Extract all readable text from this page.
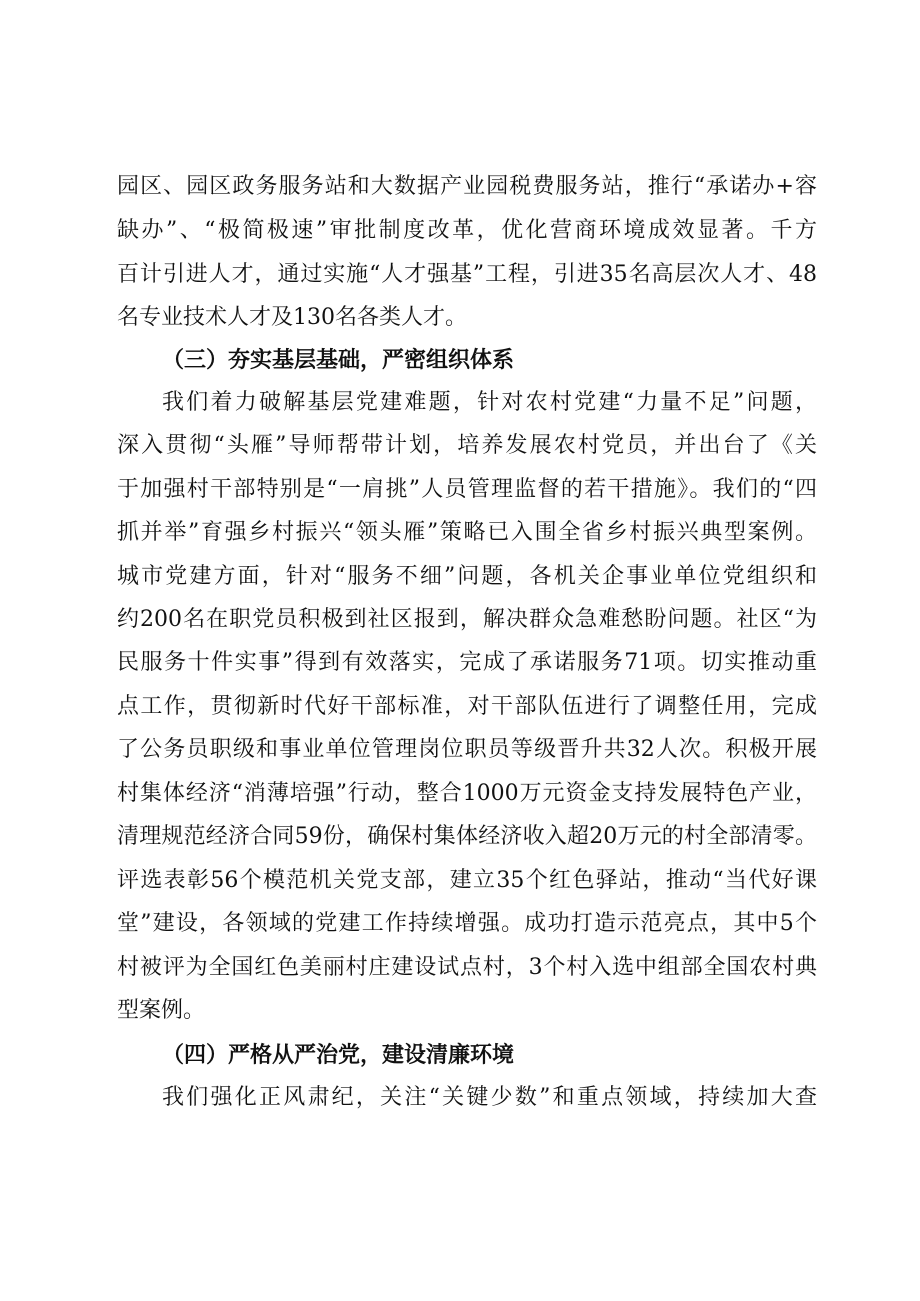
园区、园区政务服务站和大数据产业园税费服务站，推行“承诺办+容
缺办”、“极简极速”审批制度改革，优化营商环境成效显著。千方
百计引进人才，通过实施“人才强基”工程，引进35名高层次人才、48
名专业技术人才及130名各类人才。
（三）夯实基层基础，严密组织体系
我们着力破解基层党建难题，针对农村党建“力量不足”问题，
深入贯彻“头雁”导师帮带计划，培养发展农村党员，并出台了《关
于加强村干部特别是“一肩挑”人员管理监督的若干措施》。我们的“四
抓并举”育强乡村振兴“领头雁”策略已入围全省乡村振兴典型案例。
城市党建方面，针对“服务不细”问题，各机关企事业单位党组织和
约200名在职党员积极到社区报到，解决群众急难愁盼问题。社区“为
民服务十件实事”得到有效落实，完成了承诺服务71项。切实推动重
点工作，贯彻新时代好干部标准，对干部队伍进行了调整任用，完成
了公务员职级和事业单位管理岗位职员等级晋升共32人次。积极开展
村集体经济“消薄培强”行动，整合1000万元资金支持发展特色产业，
清理规范经济合同59份，确保村集体经济收入超20万元的村全部清零。
评选表彰56个模范机关党支部，建立35个红色驿站，推动“当代好课
堂”建设，各领域的党建工作持续增强。成功打造示范亮点，其中5个
村被评为全国红色美丽村庄建设试点村，3个村入选中组部全国农村典
型案例。
（四）严格从严治党，建设清廉环境
我们强化正风肃纪，关注“关键少数”和重点领域，持续加大查
